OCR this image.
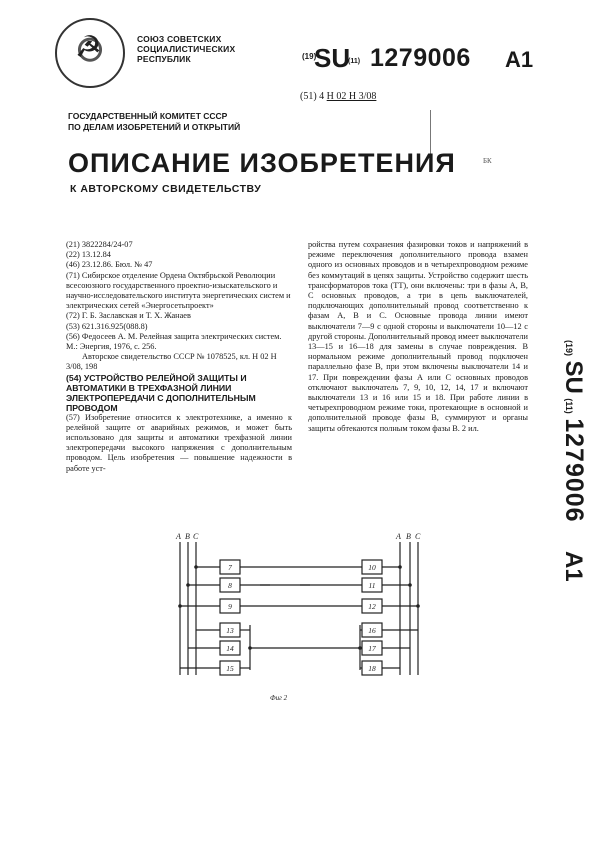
☭
СОЮЗ СОВЕТСКИХ
СОЦИАЛИСТИЧЕСКИХ
РЕСПУБЛИК	(19)
SU
(11) 1279006 A1
(51) 4 H 02 H 3/08
БК
ГОСУДАРСТВЕННЫЙ КОМИТЕТ СССР
ПО ДЕЛАМ ИЗОБРЕТЕНИЙ И ОТКРЫТИЙ
ОПИСАНИЕ ИЗОБРЕТЕНИЯ
К АВТОРСКОМУ СВИДЕТЕЛЬСТВУ

(21) 3822284/24-07

(22) 13.12.84

(46) 23.12.86. Бюл. № 47

(71) Сибирское отделение Ордена Октябрьской Революции всесоюзного государственного проектно-изыскательского и научно-исследовательского института энергетических систем и электрических сетей «Энергосетьпроект»

(72) Г. Б. Заславская и Т. Х. Жанаев

(53) 621.316.925(088.8)

(56) Федосеев А. М. Релейная защита электрических систем. М.: Энергия, 1976, с. 256.

Авторское свидетельство СССР № 1078525, кл. H 02 H 3/08, 198

(54) УСТРОЙСТВО РЕЛЕЙНОЙ ЗАЩИТЫ И АВТОМАТИКИ В ТРЕХФАЗНОЙ ЛИНИИ ЭЛЕКТРОПЕРЕДАЧИ С ДОПОЛНИТЕЛЬНЫМ ПРОВОДОМ

(57) Изобретение относится к электротехнике, а именно к релейной защите от аварийных режимов, и может быть использовано для защиты и автоматики трехфазной линии электропередачи высокого напряжения с дополнительным проводом. Цель изобретения — повышение надежности в работе уст-

ройства путем сохранения фазировки токов и напряжений в режиме переключения дополнительного провода взамен одного из основных проводов и в четырехпроводном режиме без коммутаций в цепях защиты. Устройство содержит шесть трансформаторов тока (ТТ), они включены: три в фазы А, В, С основных проводов, а три в цепь выключателей, подключающих дополнительный провод соответственно к фазам А, В и С. Основные провода линии имеют выключатели 7—9 с одной стороны и выключатели 10—12 с другой стороны. Дополнительный провод имеет выключатели 13—15 и 16—18 для замены в случае повреждения. В нормальном режиме дополнительный провод подключен параллельно фазе В, при этом включены выключатели 14 и 17. При повреждении фазы А или С основных проводов отключают выключатель 7, 9, 10, 12, 14, 17 и включают выключатели 13 и 16 или 15 и 18. При работе линии в четырехпроводном режиме токи, протекающие в основной и дополнительной проводе фазы В, суммируют и органы защиты обтекаются полным током фазы В. 2 ил.
(19) SU (11) 1279006 A1
A B C	A B C
7
8
9
13
14
15
10
11
12
16
17
18
Фиг 2
